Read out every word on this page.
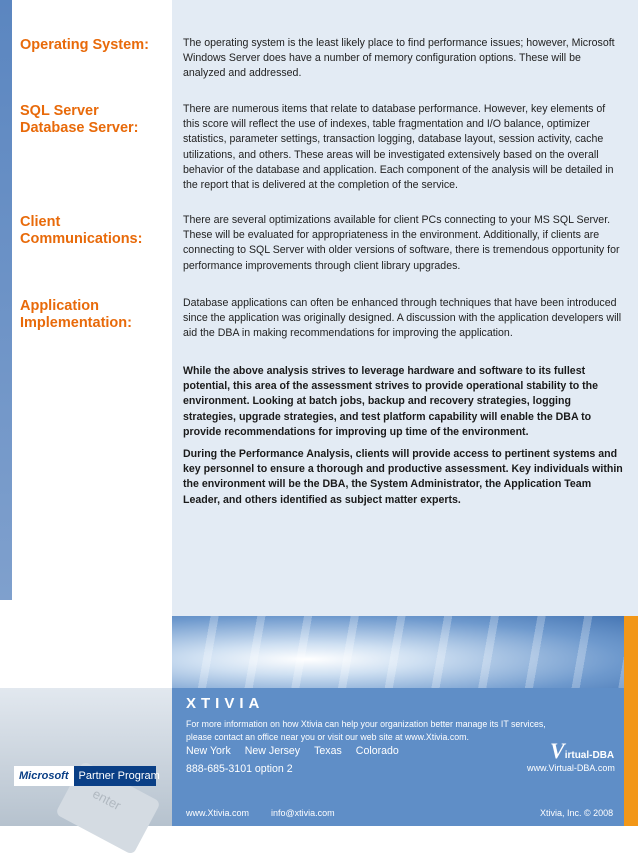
Operating System:	The operating system is the least likely place to find performance issues; however, Microsoft Windows Server does have a number of memory configuration options. These will be analyzed and addressed.
SQL Server Database Server:
There are numerous items that relate to database performance. However, key elements of this score will reflect the use of indexes, table fragmentation and I/O balance, optimizer statistics, parameter settings, transaction logging, database layout, session activity, cache utilizations, and others. These areas will be investigated extensively based on the overall behavior of the database and application. Each component of the analysis will be detailed in the report that is delivered at the completion of the service.
Client Communications:
There are several optimizations available for client PCs connecting to your MS SQL Server. These will be evaluated for appropriateness in the environment. Additionally, if clients are connecting to SQL Server with older versions of software, there is tremendous opportunity for performance improvements through client library upgrades.
Application Implementation:
Database applications can often be enhanced through techniques that have been introduced since the application was originally designed. A discussion with the application developers will aid the DBA in making recommendations for improving the application.
While the above analysis strives to leverage hardware and software to its fullest potential, this area of the assessment strives to provide operational stability to the environment. Looking at batch jobs, backup and recovery strategies, logging strategies, upgrade strategies, and test platform capability will enable the DBA to provide recommendations for improving up time of the environment.
During the Performance Analysis, clients will provide access to pertinent systems and key personnel to ensure a thorough and productive assessment. Key individuals within the environment will be the DBA, the System Administrator, the Application Team Leader, and others identified as subject matter experts.
enter
Microsoft Partner Program
XTIVIA
For more information on how Xtivia can help your organization better manage its IT services, please contact an office near you or visit our web site at www.Xtivia.com.
New York New Jersey Texas Colorado
888-685-3101 option 2
Virtual-DBA
www.Virtual-DBA.com
www.Xtivia.com info@xtivia.com	Xtivia, Inc. © 2008
